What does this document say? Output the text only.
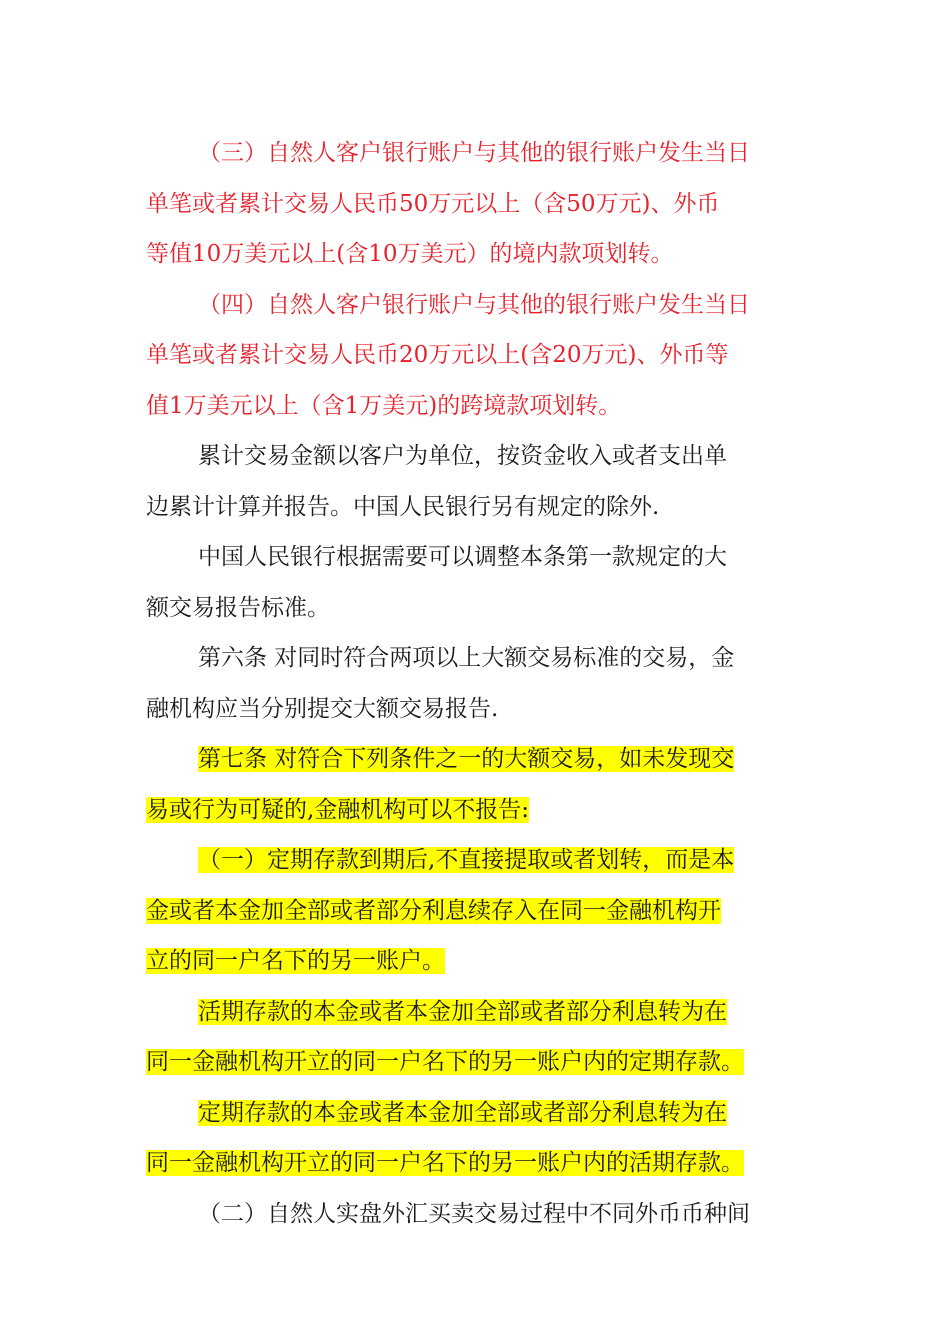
（三）自然人客户银行账户与其他的银行账户发生当日
单笔或者累计交易人民币50万元以上（含50万元)、外币
等值10万美元以上(含10万美元）的境内款项划转。
（四）自然人客户银行账户与其他的银行账户发生当日
单笔或者累计交易人民币20万元以上(含20万元)、外币等
值1万美元以上（含1万美元)的跨境款项划转。
累计交易金额以客户为单位，按资金收入或者支出单
边累计计算并报告。中国人民银行另有规定的除外.
中国人民银行根据需要可以调整本条第一款规定的大
额交易报告标准。
第六条 对同时符合两项以上大额交易标准的交易，金
融机构应当分别提交大额交易报告.
第七条 对符合下列条件之一的大额交易，如未发现交
易或行为可疑的,金融机构可以不报告:
（一）定期存款到期后,不直接提取或者划转，而是本
金或者本金加全部或者部分利息续存入在同一金融机构开
立的同一户名下的另一账户。
活期存款的本金或者本金加全部或者部分利息转为在
同一金融机构开立的同一户名下的另一账户内的定期存款。
定期存款的本金或者本金加全部或者部分利息转为在
同一金融机构开立的同一户名下的另一账户内的活期存款。
（二）自然人实盘外汇买卖交易过程中不同外币币种间
